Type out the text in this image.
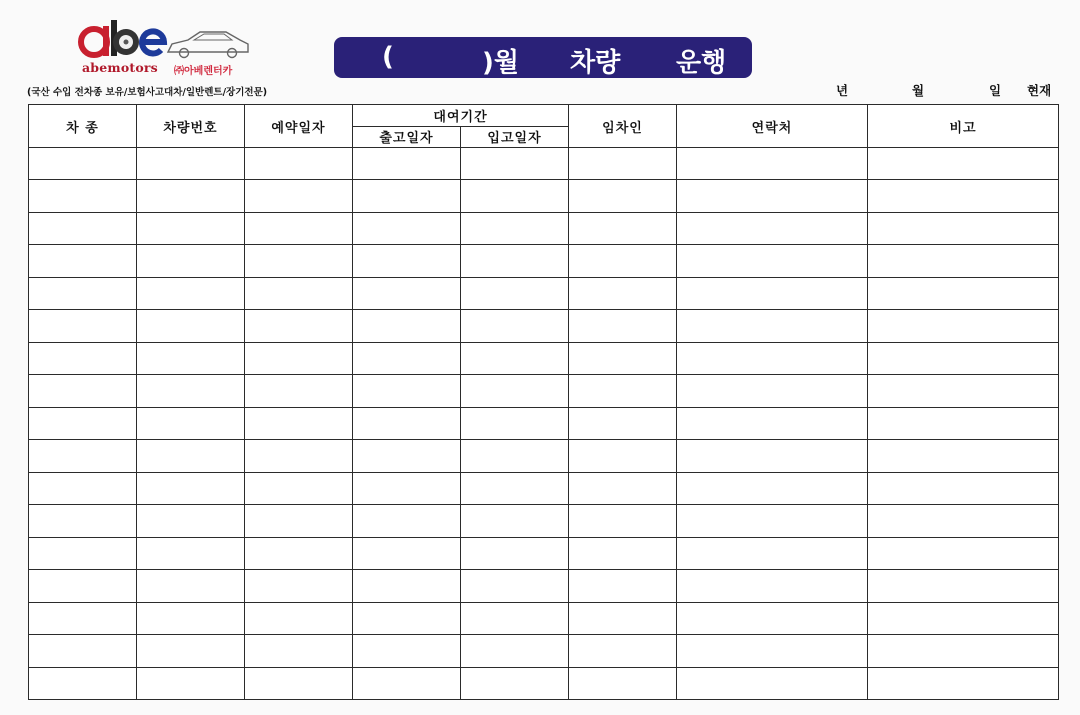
abemotors ㈜아베렌터카
(국산 수입 전차종 보유/보험사고대차/일반렌트/장기전문)
(	)월 차량 운행
년	월	일 현재
차 종	차량번호	예약일자	대여기간		임차인	연락처	비고
			출고일자	입고일자			
